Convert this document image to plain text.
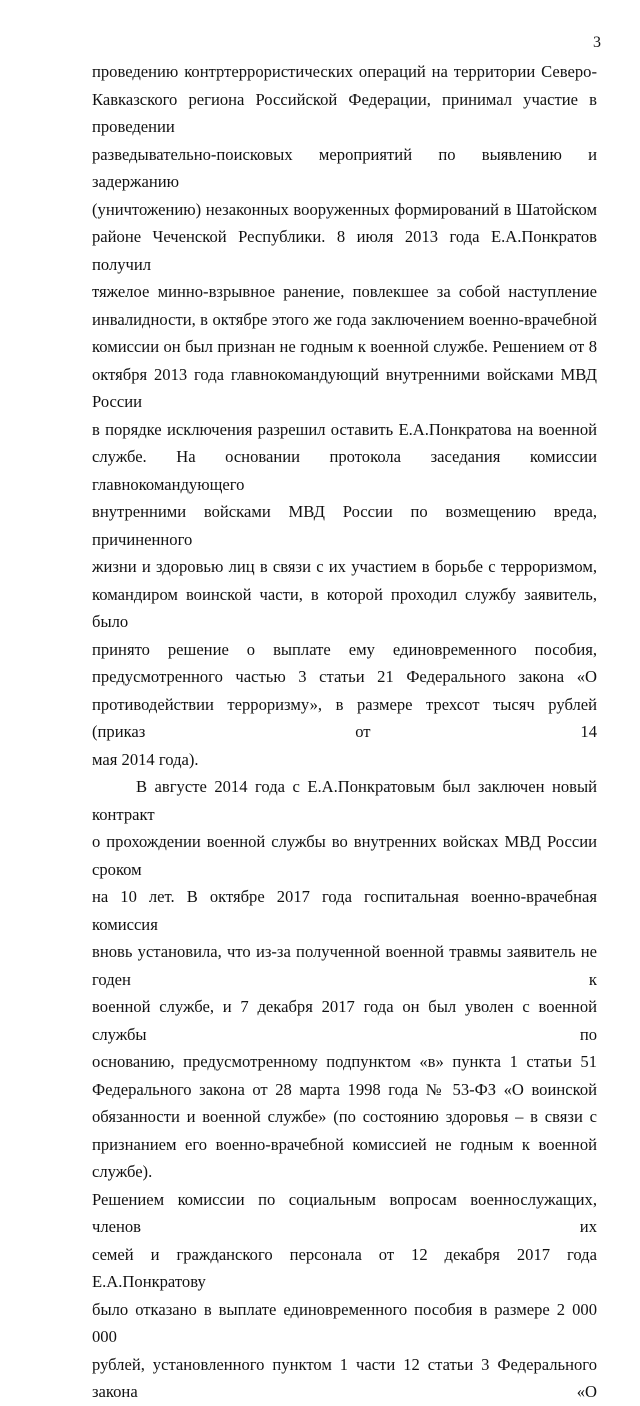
3

проведению контртеррористических операций на территории Северо-

Кавказского региона Российской Федерации, принимал участие в проведении

разведывательно-поисковых мероприятий по выявлению и задержанию

(уничтожению) незаконных вооруженных формирований в Шатойском

районе Чеченской Республики. 8 июля 2013 года Е.А.Понкратов получил

тяжелое минно-взрывное ранение, повлекшее за собой наступление

инвалидности, в октябре этого же года заключением военно-врачебной

комиссии он был признан не годным к военной службе. Решением от 8

октября 2013 года главнокомандующий внутренними войсками МВД России

в порядке исключения разрешил оставить Е.А.Понкратова на военной

службе. На основании протокола заседания комиссии главнокомандующего

внутренними войсками МВД России по возмещению вреда, причиненного

жизни и здоровью лиц в связи с их участием в борьбе с терроризмом,

командиром воинской части, в которой проходил службу заявитель, было

принято решение о выплате ему единовременного пособия,

предусмотренного частью 3 статьи 21 Федерального закона «О

противодействии терроризму», в размере трехсот тысяч рублей (приказ от 14

мая 2014 года).

В августе 2014 года с Е.А.Понкратовым был заключен новый контракт

о прохождении военной службы во внутренних войсках МВД России сроком

на 10 лет. В октябре 2017 года госпитальная военно-врачебная комиссия

вновь установила, что из-за полученной военной травмы заявитель не годен к

военной службе, и 7 декабря 2017 года он был уволен с военной службы по

основанию, предусмотренному подпунктом «в» пункта 1 статьи 51

Федерального закона от 28 марта 1998 года № 53-ФЗ «О воинской

обязанности и военной службе» (по состоянию здоровья – в связи с

признанием его военно-врачебной комиссией не годным к военной службе).

Решением комиссии по социальным вопросам военнослужащих, членов их

семей и гражданского персонала от 12 декабря 2017 года Е.А.Понкратову

было отказано в выплате единовременного пособия в размере 2 000 000

рублей, установленного пунктом 1 части 12 статьи 3 Федерального закона «О
